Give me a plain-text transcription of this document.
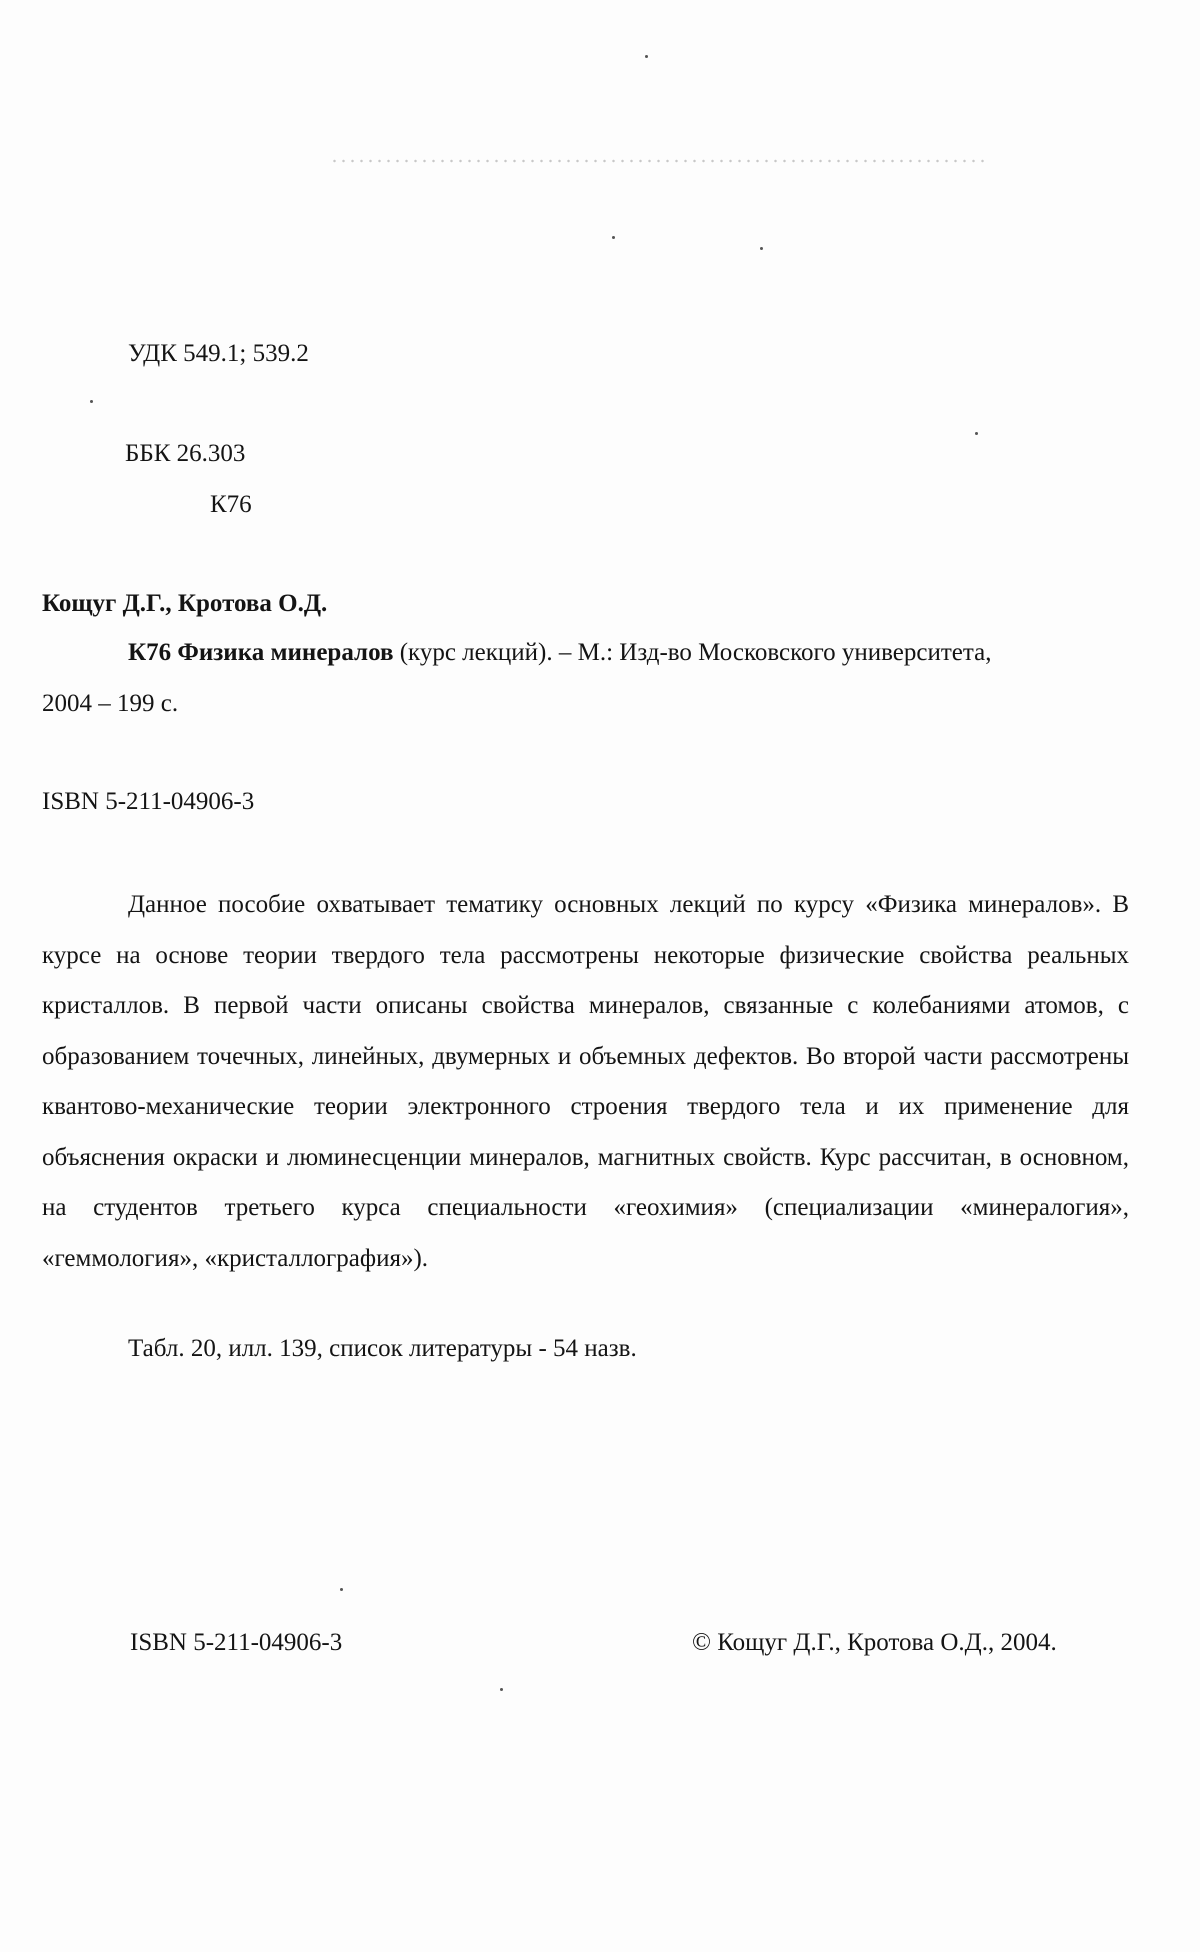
УДК 549.1; 539.2
ББК 26.303
К76
Кощуг Д.Г., Кротова О.Д.
К76 Физика минералов (курс лекций). – М.: Изд-во Московского университета,
2004 – 199 с.
ISBN 5-211-04906-3
Данное пособие охватывает тематику основных лекций по курсу «Физика минералов». В курсе на основе теории твердого тела рассмотрены некоторые физические свойства реальных кристаллов. В первой части описаны свойства минералов, связанные с колебаниями атомов, с образованием точечных, линейных, двумерных и объемных дефектов. Во второй части рассмотрены квантово-механические теории электронного строения твердого тела и их применение для объяснения окраски и люминесценции минералов, магнитных свойств. Курс рассчитан, в основном, на студентов третьего курса специальности «геохимия» (специализации «минералогия», «геммология», «кристаллография»).
Табл. 20, илл. 139, список литературы - 54 назв.
ISBN 5-211-04906-3	© Кощуг Д.Г., Кротова О.Д., 2004.
